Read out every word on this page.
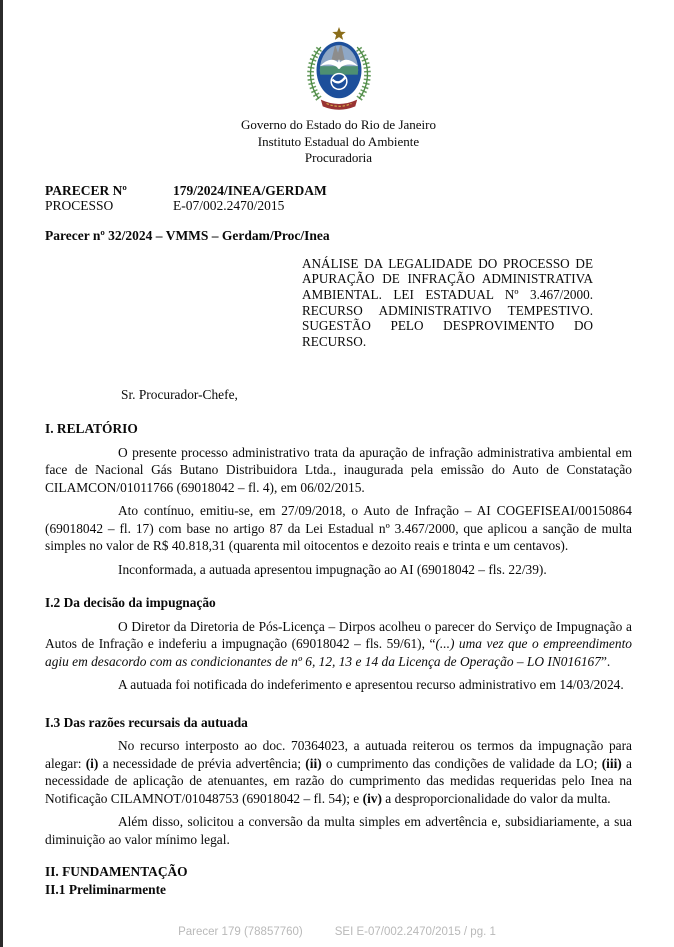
Governo do Estado do Rio de Janeiro
Instituto Estadual do Ambiente
Procuradoria
PARECER Nº	179/2024/INEA/GERDAM
PROCESSO	E-07/002.2470/2015
Parecer nº 32/2024 – VMMS – Gerdam/Proc/Inea
ANÁLISE DA LEGALIDADE DO PROCESSO DE APURAÇÃO DE INFRAÇÃO ADMINISTRATIVA AMBIENTAL. LEI ESTADUAL Nº 3.467/2000. RECURSO ADMINISTRATIVO TEMPESTIVO. SUGESTÃO PELO DESPROVIMENTO DO RECURSO.
Sr. Procurador-Chefe,
I. RELATÓRIO

O presente processo administrativo trata da apuração de infração administrativa ambiental em face de Nacional Gás Butano Distribuidora Ltda., inaugurada pela emissão do Auto de Constatação CILAMCON/01011766 (69018042 – fl. 4), em 06/02/2015.

Ato contínuo, emitiu-se, em 27/09/2018, o Auto de Infração – AI COGEFISEAI/00150864 (69018042 – fl. 17) com base no artigo 87 da Lei Estadual nº 3.467/2000, que aplicou a sanção de multa simples no valor de R$ 40.818,31 (quarenta mil oitocentos e dezoito reais e trinta e um centavos).

Inconformada, a autuada apresentou impugnação ao AI (69018042 – fls. 22/39).

I.2 Da decisão da impugnação

O Diretor da Diretoria de Pós-Licença – Dirpos acolheu o parecer do Serviço de Impugnação a Autos de Infração e indeferiu a impugnação (69018042 – fls. 59/61), “(...) uma vez que o empreendimento agiu em desacordo com as condicionantes de nº 6, 12, 13 e 14 da Licença de Operação – LO IN016167”.

A autuada foi notificada do indeferimento e apresentou recurso administrativo em 14/03/2024.

I.3 Das razões recursais da autuada

No recurso interposto ao doc. 70364023, a autuada reiterou os termos da impugnação para alegar: (i) a necessidade de prévia advertência; (ii) o cumprimento das condições de validade da LO; (iii) a necessidade de aplicação de atenuantes, em razão do cumprimento das medidas requeridas pelo Inea na Notificação CILAMNOT/01048753 (69018042 – fl. 54); e (iv) a desproporcionalidade do valor da multa.

Além disso, solicitou a conversão da multa simples em advertência e, subsidiariamente, a sua diminuição ao valor mínimo legal.

II. FUNDAMENTAÇÃO
II.1 Preliminarmente
Parecer 179 (78857760)	SEI E-07/002.2470/2015 / pg. 1
